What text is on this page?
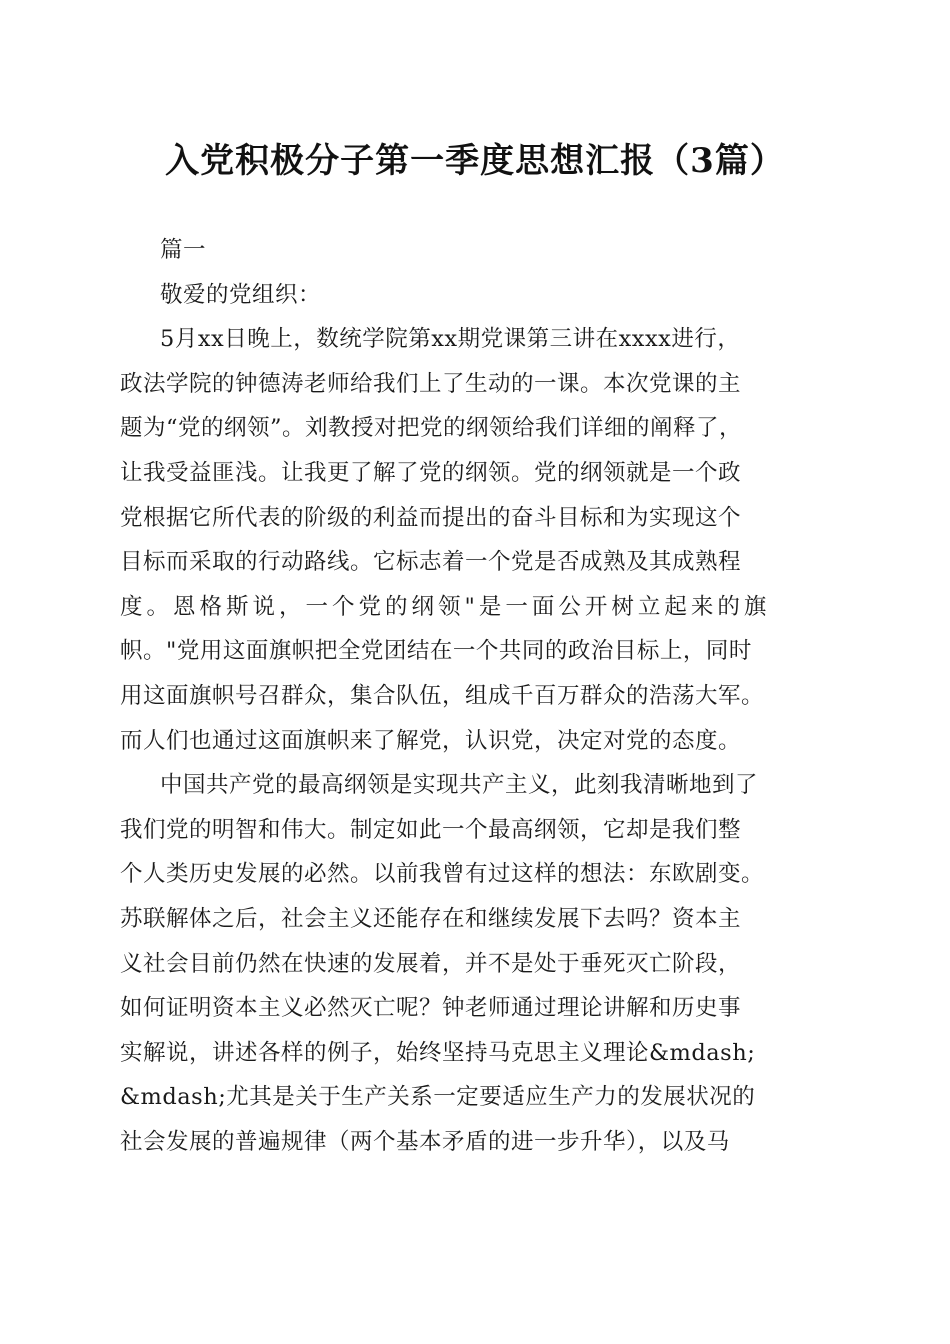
入党积极分子第一季度思想汇报（3篇）
篇一
敬爱的党组织：
5月xx日晚上，数统学院第xx期党课第三讲在xxxx进行，
政法学院的钟德涛老师给我们上了生动的一课。本次党课的主
题为“党的纲领”。刘教授对把党的纲领给我们详细的阐释了，
让我受益匪浅。让我更了解了党的纲领。党的纲领就是一个政
党根据它所代表的阶级的利益而提出的奋斗目标和为实现这个
目标而采取的行动路线。它标志着一个党是否成熟及其成熟程
度。恩格斯说，一个党的纲领"是一面公开树立起来的旗
帜。"党用这面旗帜把全党团结在一个共同的政治目标上，同时
用这面旗帜号召群众，集合队伍，组成千百万群众的浩荡大军。
而人们也通过这面旗帜来了解党，认识党，决定对党的态度。
中国共产党的最高纲领是实现共产主义，此刻我清晰地到了
我们党的明智和伟大。制定如此一个最高纲领，它却是我们整
个人类历史发展的必然。以前我曾有过这样的想法：东欧剧变。
苏联解体之后，社会主义还能存在和继续发展下去吗？资本主
义社会目前仍然在快速的发展着，并不是处于垂死灭亡阶段，
如何证明资本主义必然灭亡呢？钟老师通过理论讲解和历史事
实解说，讲述各样的例子，始终坚持马克思主义理论&mdash;
&mdash;尤其是关于生产关系一定要适应生产力的发展状况的
社会发展的普遍规律（两个基本矛盾的进一步升华），以及马
